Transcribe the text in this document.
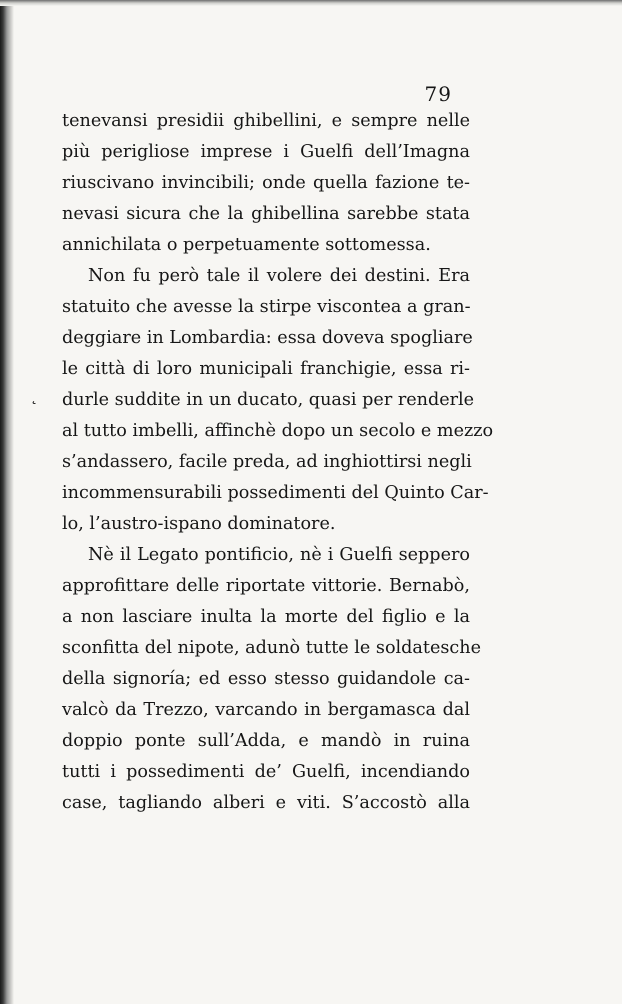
79
˛
tenevansi presidii ghibellini, e sempre nelle
più perigliose imprese i Guelfi dell’Imagna
riuscivano invincibili; onde quella fazione te-
nevasi sicura che la ghibellina sarebbe stata
annichilata o perpetuamente sottomessa.
Non fu però tale il volere dei destini. Era
statuito che avesse la stirpe viscontea a gran-
deggiare in Lombardia: essa doveva spogliare
le città di loro municipali franchigie, essa ri-
durle suddite in un ducato, quasi per renderle
al tutto imbelli, affinchè dopo un secolo e mezzo
s’andassero, facile preda, ad inghiottirsi negli
incommensurabili possedimenti del Quinto Car-
lo, l’austro-ispano dominatore.
Nè il Legato pontificio, nè i Guelfi seppero
approfittare delle riportate vittorie. Bernabò,
a non lasciare inulta la morte del figlio e la
sconfitta del nipote, adunò tutte le soldatesche
della signoría; ed esso stesso guidandole ca-
valcò da Trezzo, varcando in bergamasca dal
doppio ponte sull’Adda, e mandò in ruina
tutti i possedimenti de’ Guelfi, incendiando
case, tagliando alberi e viti. S’accostò alla
